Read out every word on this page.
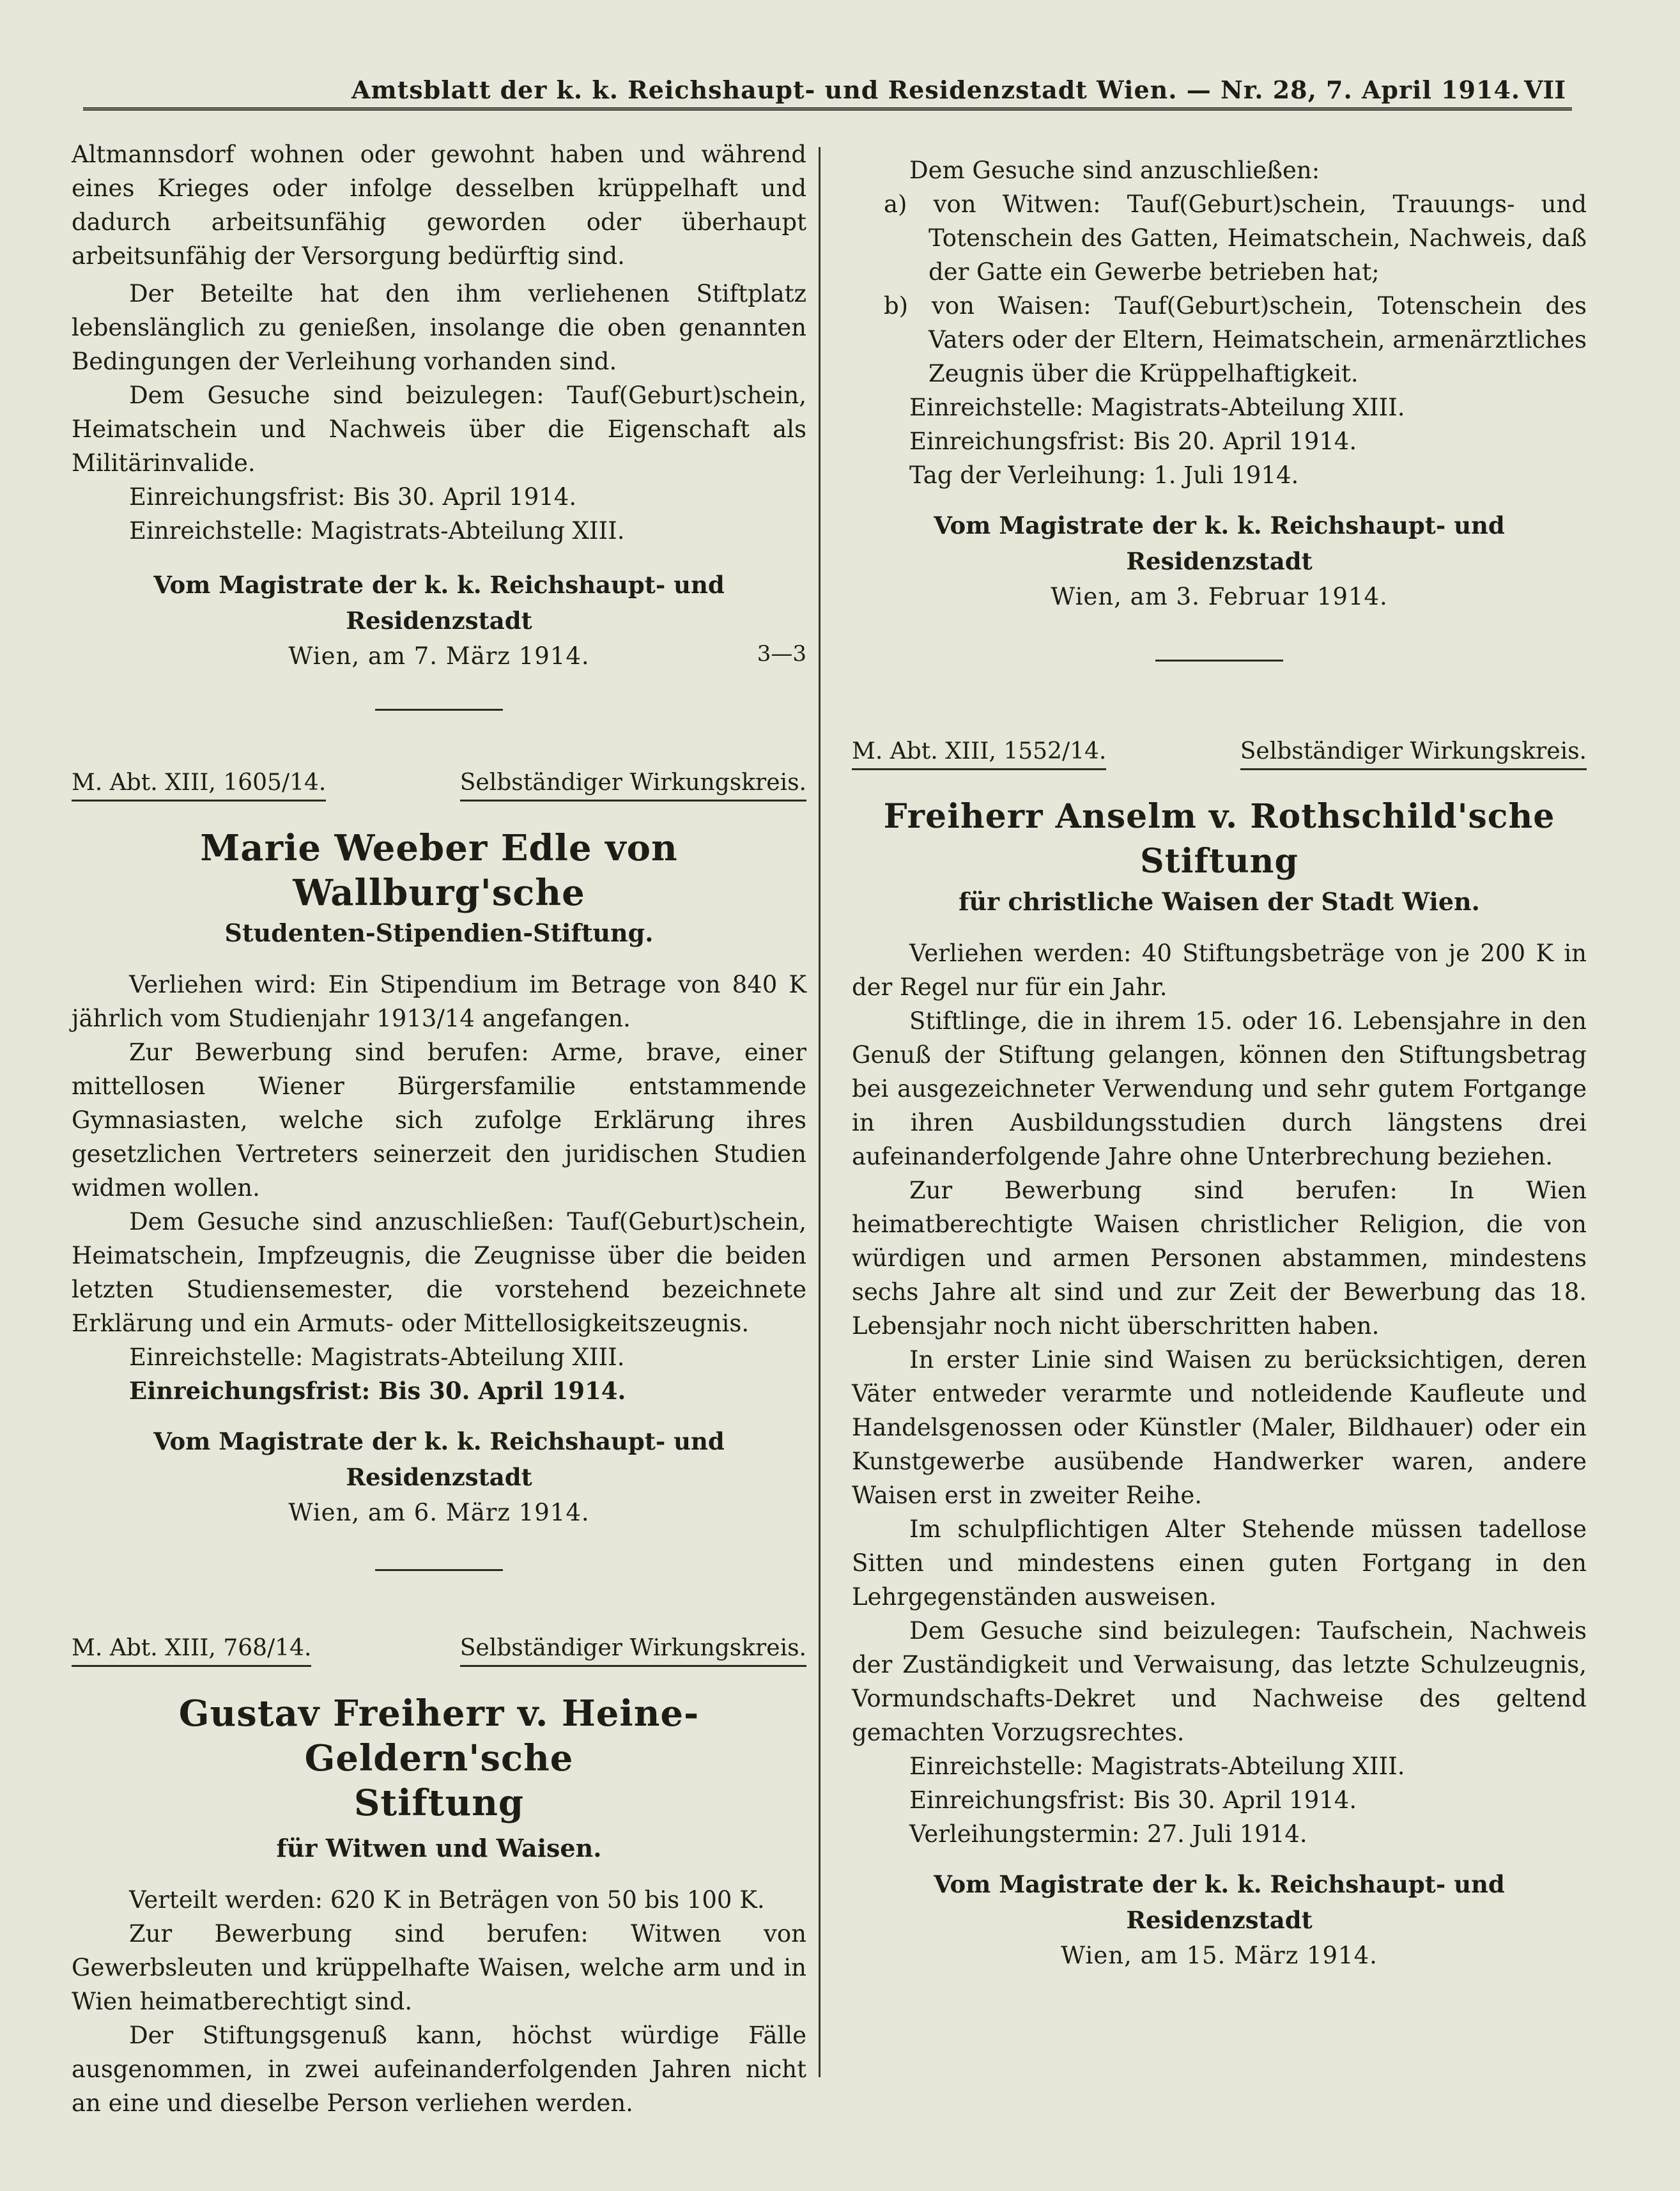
Amtsblatt der k. k. Reichshaupt- und Residenzstadt Wien. — Nr. 28, 7. April 1914. VII

Altmannsdorf wohnen oder gewohnt haben und während eines Krieges oder infolge desselben krüppelhaft und dadurch arbeitsunfähig geworden oder überhaupt arbeitsunfähig der Versorgung bedürftig sind.

Der Beteilte hat den ihm verliehenen Stiftplatz lebenslänglich zu genießen, insolange die oben genannten Bedingungen der Verleihung vorhanden sind.

Dem Gesuche sind beizulegen: Tauf(Geburt)schein, Heimatschein und Nachweis über die Eigenschaft als Militärinvalide.

Einreichungsfrist: Bis 30. April 1914.

Einreichstelle: Magistrats-Abteilung XIII.

Vom Magistrate der k. k. Reichshaupt- und Residenzstadt
Wien, am 7. März 1914.	3—3
M. Abt. XIII, 1605/14.	Selbständiger Wirkungskreis.
Marie Weeber Edle von Wallburg'sche
Studenten-Stipendien-Stiftung.

Verliehen wird: Ein Stipendium im Betrage von 840 K jährlich vom Studienjahr 1913/14 angefangen.

Zur Bewerbung sind berufen: Arme, brave, einer mittellosen Wiener Bürgersfamilie entstammende Gymnasiasten, welche sich zufolge Erklärung ihres gesetzlichen Vertreters seinerzeit den juridischen Studien widmen wollen.

Dem Gesuche sind anzuschließen: Tauf(Geburt)schein, Heimatschein, Impfzeugnis, die Zeugnisse über die beiden letzten Studiensemester, die vorstehend bezeichnete Erklärung und ein Armuts- oder Mittellosigkeitszeugnis.

Einreichstelle: Magistrats-Abteilung XIII.

Einreichungsfrist: Bis 30. April 1914.

Vom Magistrate der k. k. Reichshaupt- und Residenzstadt
Wien, am 6. März 1914.
M. Abt. XIII, 768/14.	Selbständiger Wirkungskreis.
Gustav Freiherr v. Heine-Geldern'sche
Stiftung
für Witwen und Waisen.

Verteilt werden: 620 K in Beträgen von 50 bis 100 K.

Zur Bewerbung sind berufen: Witwen von Gewerbsleuten und krüppelhafte Waisen, welche arm und in Wien heimatberechtigt sind.

Der Stiftungsgenuß kann, höchst würdige Fälle ausgenommen, in zwei aufeinanderfolgenden Jahren nicht an eine und dieselbe Person verliehen werden.

Dem Gesuche sind anzuschließen:

a) von Witwen: Tauf(Geburt)schein, Trauungs- und Totenschein des Gatten, Heimatschein, Nachweis, daß der Gatte ein Gewerbe betrieben hat;

b) von Waisen: Tauf(Geburt)schein, Totenschein des Vaters oder der Eltern, Heimatschein, armenärztliches Zeugnis über die Krüppelhaftigkeit.

Einreichstelle: Magistrats-Abteilung XIII.

Einreichungsfrist: Bis 20. April 1914.

Tag der Verleihung: 1. Juli 1914.

Vom Magistrate der k. k. Reichshaupt- und Residenzstadt
Wien, am 3. Februar 1914.
M. Abt. XIII, 1552/14.	Selbständiger Wirkungskreis.
Freiherr Anselm v. Rothschild'sche Stiftung
für christliche Waisen der Stadt Wien.

Verliehen werden: 40 Stiftungsbeträge von je 200 K in der Regel nur für ein Jahr.

Stiftlinge, die in ihrem 15. oder 16. Lebensjahre in den Genuß der Stiftung gelangen, können den Stiftungsbetrag bei ausgezeichneter Verwendung und sehr gutem Fortgange in ihren Ausbildungsstudien durch längstens drei aufeinanderfolgende Jahre ohne Unterbrechung beziehen.

Zur Bewerbung sind berufen: In Wien heimatberechtigte Waisen christlicher Religion, die von würdigen und armen Personen abstammen, mindestens sechs Jahre alt sind und zur Zeit der Bewerbung das 18. Lebensjahr noch nicht überschritten haben.

In erster Linie sind Waisen zu berücksichtigen, deren Väter entweder verarmte und notleidende Kaufleute und Handelsgenossen oder Künstler (Maler, Bildhauer) oder ein Kunstgewerbe ausübende Handwerker waren, andere Waisen erst in zweiter Reihe.

Im schulpflichtigen Alter Stehende müssen tadellose Sitten und mindestens einen guten Fortgang in den Lehrgegenständen ausweisen.

Dem Gesuche sind beizulegen: Taufschein, Nachweis der Zuständigkeit und Verwaisung, das letzte Schulzeugnis, Vormundschafts-Dekret und Nachweise des geltend gemachten Vorzugsrechtes.

Einreichstelle: Magistrats-Abteilung XIII.

Einreichungsfrist: Bis 30. April 1914.

Verleihungstermin: 27. Juli 1914.

Vom Magistrate der k. k. Reichshaupt- und Residenzstadt
Wien, am 15. März 1914.
